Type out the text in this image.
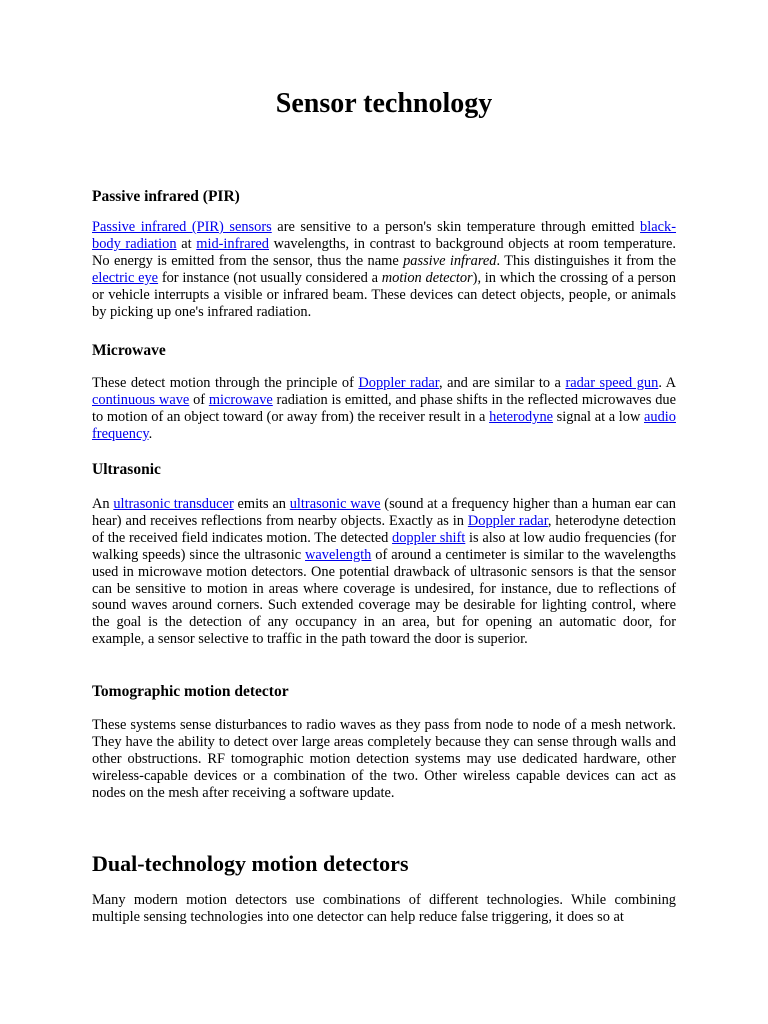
Sensor technology
Passive infrared (PIR)

Passive infrared (PIR) sensors are sensitive to a person's skin temperature through emitted black-body radiation at mid-infrared wavelengths, in contrast to background objects at room temperature. No energy is emitted from the sensor, thus the name passive infrared. This distinguishes it from the electric eye for instance (not usually considered a motion detector), in which the crossing of a person or vehicle interrupts a visible or infrared beam. These devices can detect objects, people, or animals by picking up one's infrared radiation.

Microwave

These detect motion through the principle of Doppler radar, and are similar to a radar speed gun. A continuous wave of microwave radiation is emitted, and phase shifts in the reflected microwaves due to motion of an object toward (or away from) the receiver result in a heterodyne signal at a low audio frequency.

Ultrasonic

An ultrasonic transducer emits an ultrasonic wave (sound at a frequency higher than a human ear can hear) and receives reflections from nearby objects. Exactly as in Doppler radar, heterodyne detection of the received field indicates motion. The detected doppler shift is also at low audio frequencies (for walking speeds) since the ultrasonic wavelength of around a centimeter is similar to the wavelengths used in microwave motion detectors. One potential drawback of ultrasonic sensors is that the sensor can be sensitive to motion in areas where coverage is undesired, for instance, due to reflections of sound waves around corners. Such extended coverage may be desirable for lighting control, where the goal is the detection of any occupancy in an area, but for opening an automatic door, for example, a sensor selective to traffic in the path toward the door is superior.

Tomographic motion detector

These systems sense disturbances to radio waves as they pass from node to node of a mesh network. They have the ability to detect over large areas completely because they can sense through walls and other obstructions. RF tomographic motion detection systems may use dedicated hardware, other wireless-capable devices or a combination of the two. Other wireless capable devices can act as nodes on the mesh after receiving a software update.

Dual-technology motion detectors

Many modern motion detectors use combinations of different technologies. While combining multiple sensing technologies into one detector can help reduce false triggering, it does so at
